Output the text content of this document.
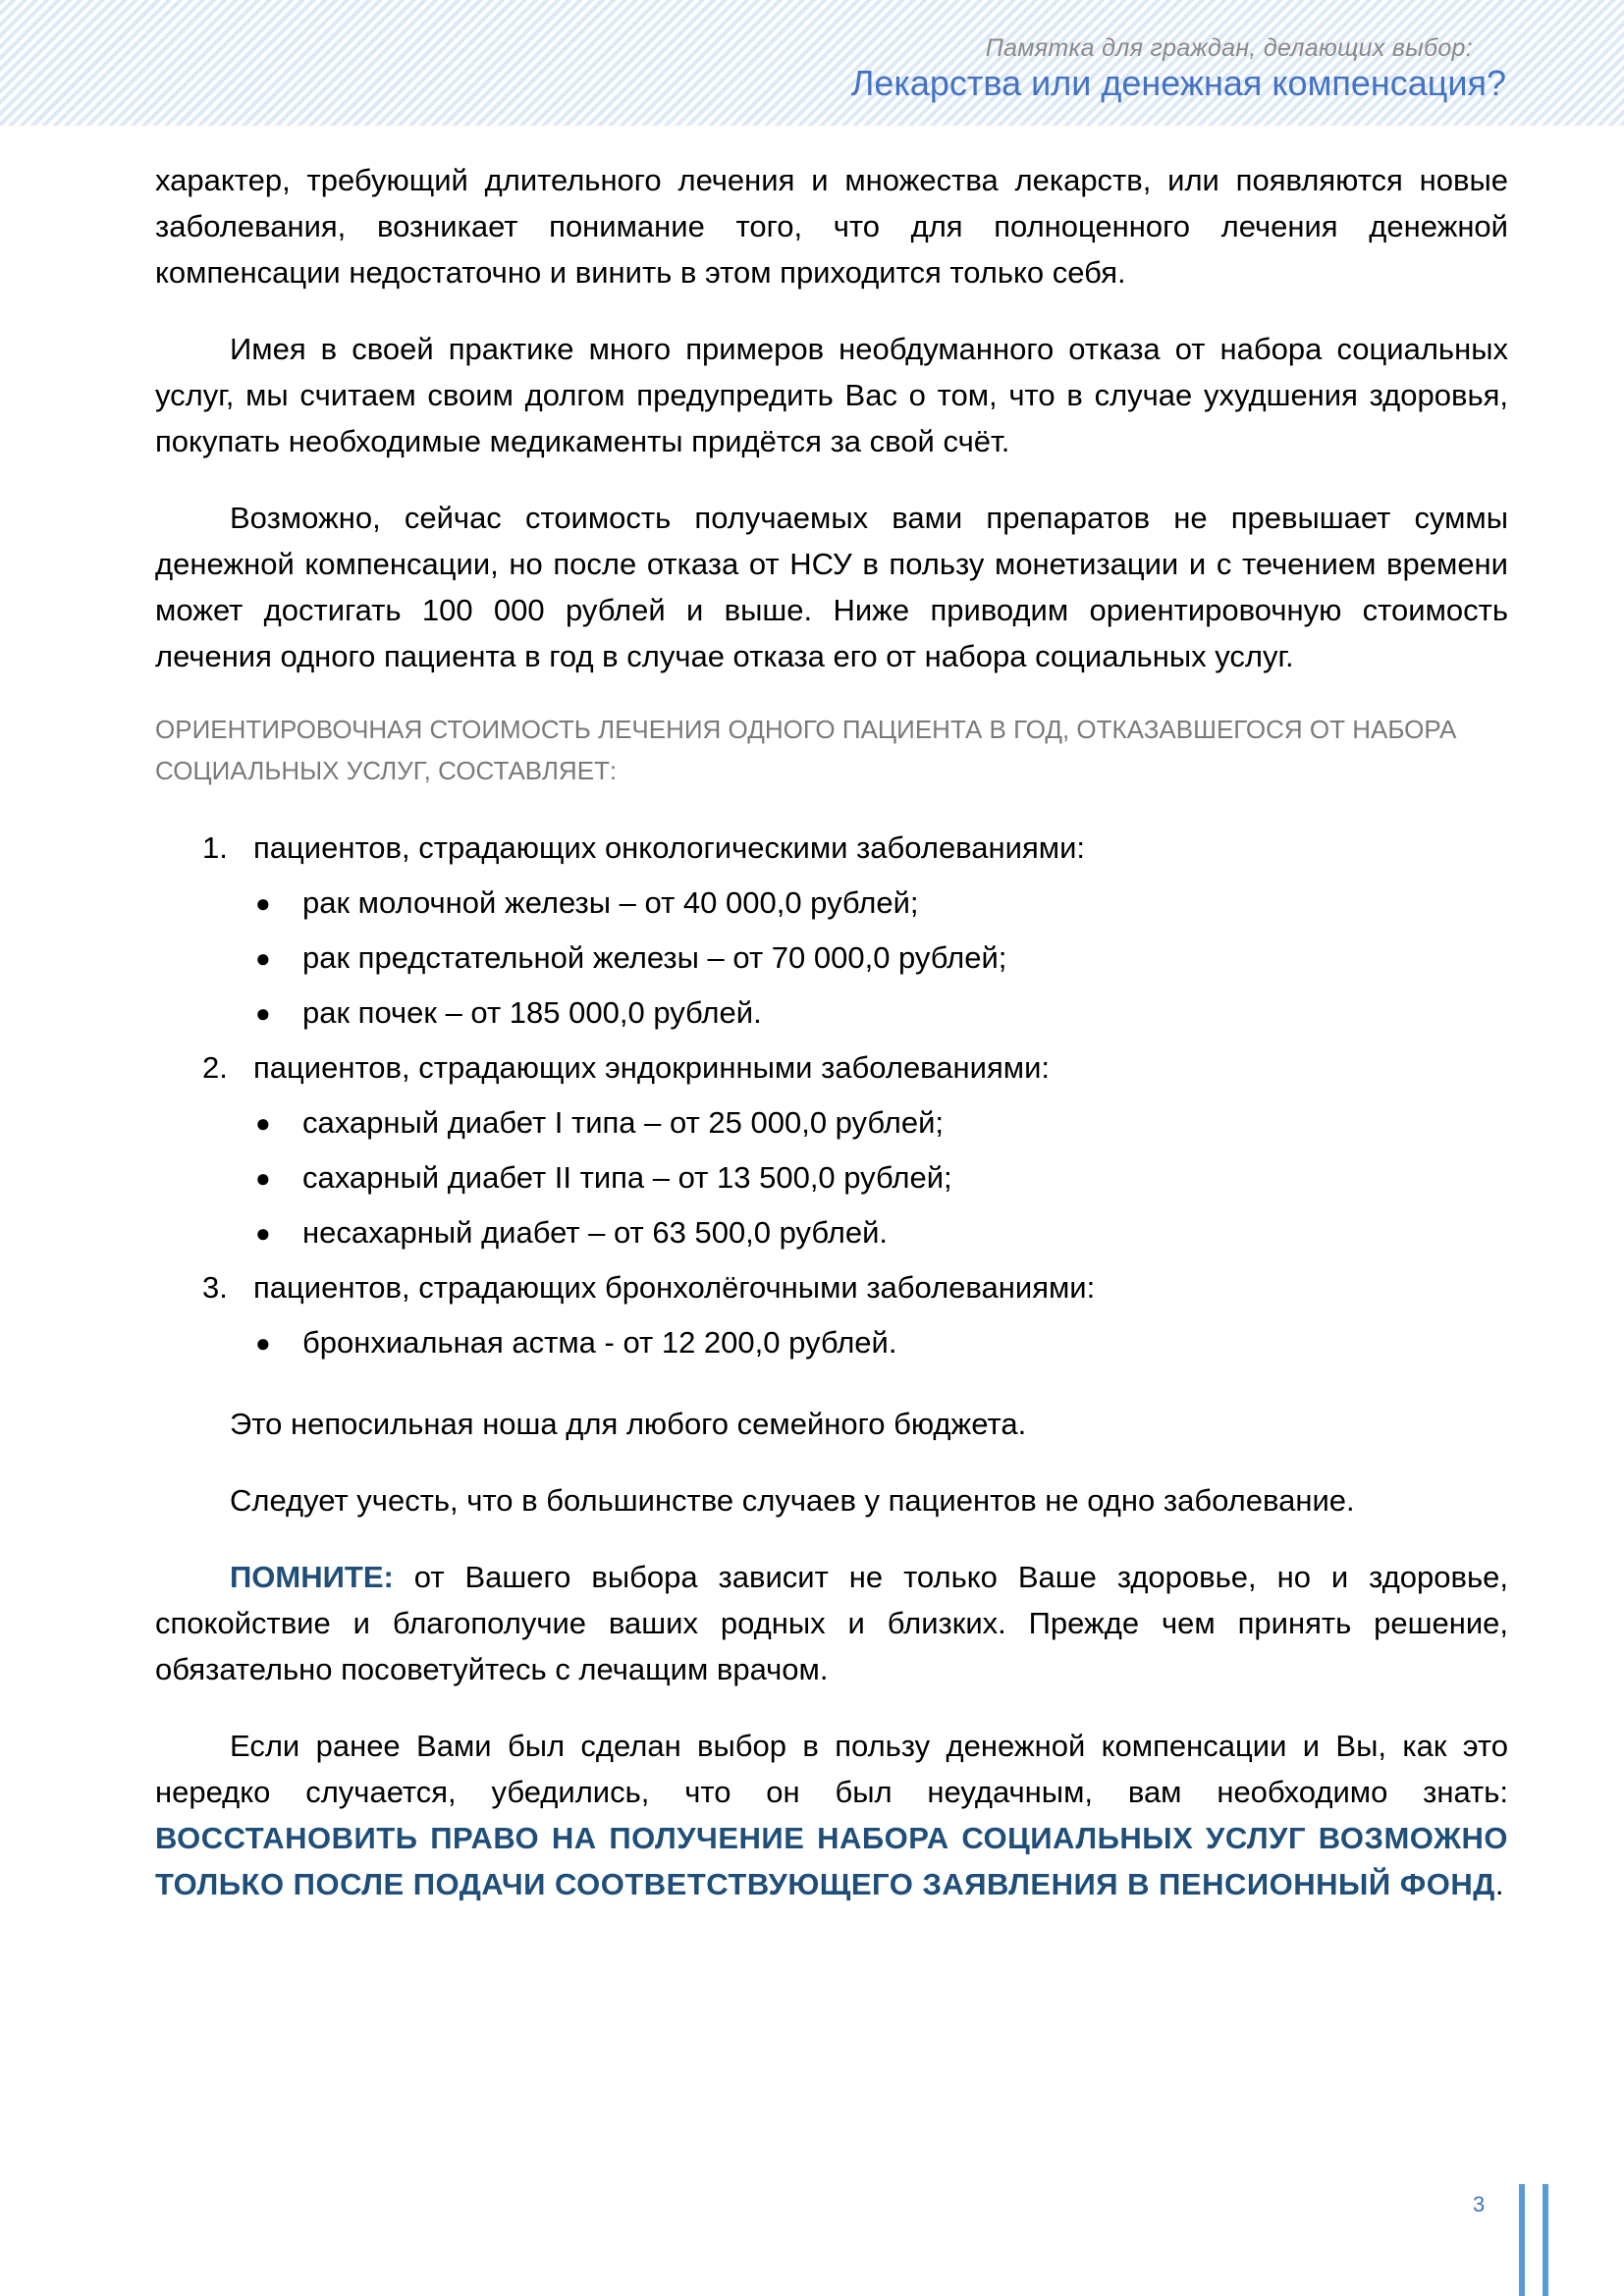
Памятка для граждан, делающих выбор:
Лекарства или денежная компенсация?

характер, требующий длительного лечения и множества лекарств, или появляются новые заболевания, возникает понимание того, что для полноценного лечения денежной компенсации недостаточно и винить в этом приходится только себя.

Имея в своей практике много примеров необдуманного отказа от набора социальных услуг, мы считаем своим долгом предупредить Вас о том, что в случае ухудшения здоровья, покупать необходимые медикаменты придётся за свой счёт.

Возможно, сейчас стоимость получаемых вами препаратов не превышает суммы денежной компенсации, но после отказа от НСУ в пользу монетизации и с течением времени может достигать 100 000 рублей и выше. Ниже приводим ориентировочную стоимость лечения одного пациента в год в случае отказа его от набора социальных услуг.

ОРИЕНТИРОВОЧНАЯ СТОИМОСТЬ ЛЕЧЕНИЯ ОДНОГО ПАЦИЕНТА В ГОД, ОТКАЗАВШЕГОСЯ ОТ НАБОРА СОЦИАЛЬНЫХ УСЛУГ, СОСТАВЛЯЕТ:
1. пациентов, страдающих онкологическими заболеваниями:
● рак молочной железы – от 40 000,0 рублей;
● рак предстательной железы – от 70 000,0 рублей;
● рак почек – от 185 000,0 рублей.
2. пациентов, страдающих эндокринными заболеваниями:
● сахарный диабет I типа – от 25 000,0 рублей;
● сахарный диабет II типа – от 13 500,0 рублей;
● несахарный диабет – от 63 500,0 рублей.
3. пациентов, страдающих бронхолёгочными заболеваниями:
● бронхиальная астма - от 12 200,0 рублей.

Это непосильная ноша для любого семейного бюджета.

Следует учесть, что в большинстве случаев у пациентов не одно заболевание.

ПОМНИТЕ: от Вашего выбора зависит не только Ваше здоровье, но и здоровье, спокойствие и благополучие ваших родных и близких. Прежде чем принять решение, обязательно посоветуйтесь с лечащим врачом.

Если ранее Вами был сделан выбор в пользу денежной компенсации и Вы, как это нередко случается, убедились, что он был неудачным, вам необходимо знать: ВОССТАНОВИТЬ ПРАВО НА ПОЛУЧЕНИЕ НАБОРА СОЦИАЛЬНЫХ УСЛУГ ВОЗМОЖНО ТОЛЬКО ПОСЛЕ ПОДАЧИ СООТВЕТСТВУЮЩЕГО ЗАЯВЛЕНИЯ В ПЕНСИОННЫЙ ФОНД.

3
